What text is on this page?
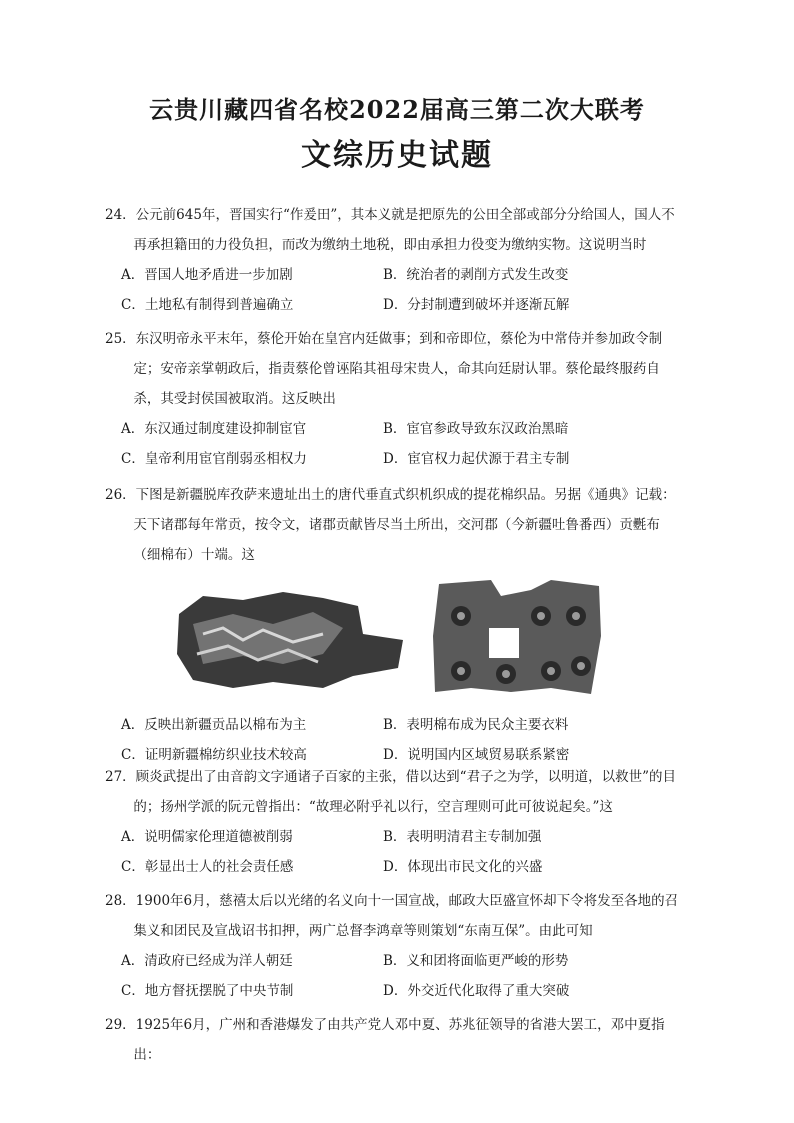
云贵川藏四省名校2022届高三第二次大联考
文综历史试题
24．公元前645年，晋国实行“作爰田”，其本义就是把原先的公田全部或部分分给国人，国人不再承担籍田的力役负担，而改为缴纳土地税，即由承担力役变为缴纳实物。这说明当时
A．晋国人地矛盾进一步加剧	B．统治者的剥削方式发生改变
C．土地私有制得到普遍确立	D．分封制遭到破坏并逐渐瓦解
25．东汉明帝永平末年，蔡伦开始在皇宫内廷做事；到和帝即位，蔡伦为中常侍并参加政令制定；安帝亲掌朝政后，指责蔡伦曾诬陷其祖母宋贵人，命其向廷尉认罪。蔡伦最终服药自杀，其受封侯国被取消。这反映出
A．东汉通过制度建设抑制宦官	B．宦官参政导致东汉政治黑暗
C．皇帝利用宦官削弱丞相权力	D．宦官权力起伏源于君主专制
26．下图是新疆脱库孜萨来遗址出土的唐代垂直式织机织成的提花棉织品。另据《通典》记载：天下诸郡每年常贡，按令文，诸郡贡献皆尽当土所出，交河郡（今新疆吐鲁番西）贡氎布（细棉布）十端。这
A．反映出新疆贡品以棉布为主	B．表明棉布成为民众主要衣料
C．证明新疆棉纺织业技术较高	D．说明国内区域贸易联系紧密
27．顾炎武提出了由音韵文字通诸子百家的主张，借以达到“君子之为学，以明道，以救世”的目的；扬州学派的阮元曾指出：“故理必附乎礼以行，空言理则可此可彼说起矣。”这
A．说明儒家伦理道德被削弱	B．表明明清君主专制加强
C．彰显出士人的社会责任感	D．体现出市民文化的兴盛
28．1900年6月，慈禧太后以光绪的名义向十一国宣战，邮政大臣盛宣怀却下令将发至各地的召集义和团民及宣战诏书扣押，两广总督李鸿章等则策划“东南互保”。由此可知
A．清政府已经成为洋人朝廷	B．义和团将面临更严峻的形势
C．地方督抚摆脱了中央节制	D．外交近代化取得了重大突破
29．1925年6月，广州和香港爆发了由共产党人邓中夏、苏兆征领导的省港大罢工，邓中夏指出：
